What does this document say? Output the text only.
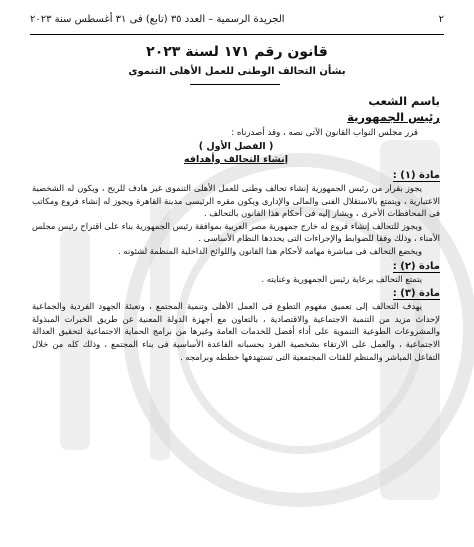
٢
الجريدة الرسمية – العدد ٣٥ (تابع) فى ٣١ أغسطس سنة ٢٠٢٣
قانون رقم ١٧١ لسنة ٢٠٢٣
بشأن التحالف الوطنى للعمل الأهلى التنموى
باسم الشعب
رئيس الجمهورية
قرر مجلس النواب القانون الآتى نصه ، وقد أصدرناه :
( الفصل الأول )
إنشاء التحالف وأهدافه
مادة (١) :

يجوز بقرار من رئيس الجمهورية إنشاء تحالف وطنى للعمل الأهلى التنموى غير هادف للربح ، ويكون له الشخصية الاعتبارية ، ويتمتع بالاستقلال الفنى والمالى والإدارى ويكون مقره الرئيسى مدينة القاهرة ويجوز له إنشاء فروع ومكاتب فى المحافظات الأخرى ، ويشار إليه فى أحكام هذا القانون بالتحالف .

ويجوز للتحالف إنشاء فروع له خارج جمهورية مصر العربية بموافقة رئيس الجمهورية بناء على اقتراح رئيس مجلس الأمناء ، وذلك وفقا للضوابط والإجراءات التى يحددها النظام الأساسى .

ويخضع التحالف فى مباشرة مهامه لأحكام هذا القانون واللوائح الداخلية المنظمة لشئونه .

مادة (٢) :

يتمتع التحالف برعاية رئيس الجمهورية وعنايته .

مادة (٣) :

يهدف التحالف إلى تعميق مفهوم التطوع فى العمل الأهلى وتنمية المجتمع ، وتعبئة الجهود الفردية والجماعية لإحداث مزيد من التنمية الاجتماعية والاقتصادية ، بالتعاون مع أجهزة الدولة المعنية عن طريق الخبرات المبذولة والمشروعات الطوعية التنموية على أداء أفضل للخدمات العامة وغيرها من برامج الحماية الاجتماعية لتحقيق العدالة الاجتماعية ، والعمل على الارتقاء بشخصية الفرد بحسبانه القاعدة الأساسية فى بناء المجتمع ، وذلك كله من خلال التفاعل المباشر والمنظم للفئات المجتمعية التى تستهدفها خططه وبرامجه .
